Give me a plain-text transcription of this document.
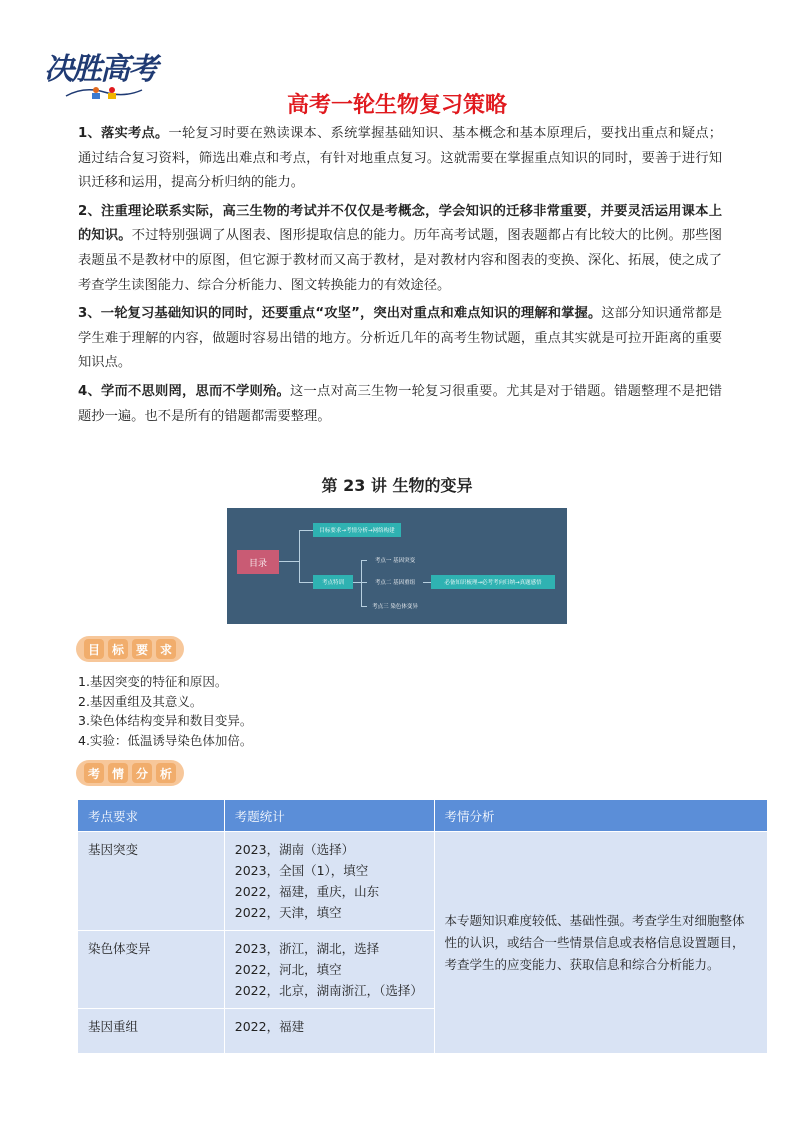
决胜高考
高考一轮生物复习策略

1、落实考点。一轮复习时要在熟读课本、系统掌握基础知识、基本概念和基本原理后，要找出重点和疑点；通过结合复习资料，筛选出难点和考点，有针对地重点复习。这就需要在掌握重点知识的同时，要善于进行知识迁移和运用，提高分析归纳的能力。

2、注重理论联系实际，高三生物的考试并不仅仅是考概念，学会知识的迁移非常重要，并要灵活运用课本上的知识。不过特别强调了从图表、图形提取信息的能力。历年高考试题，图表题都占有比较大的比例。那些图表题虽不是教材中的原图，但它源于教材而又高于教材，是对教材内容和图表的变换、深化、拓展，使之成了考查学生读图能力、综合分析能力、图文转换能力的有效途径。

3、一轮复习基础知识的同时，还要重点“攻坚”，突出对重点和难点知识的理解和掌握。这部分知识通常都是学生难于理解的内容，做题时容易出错的地方。分析近几年的高考生物试题，重点其实就是可拉开距离的重要知识点。

4、学而不思则罔，思而不学则殆。这一点对高三生物一轮复习很重要。尤其是对于错题。错题整理不是把错题抄一遍。也不是所有的错题都需要整理。

第 23 讲 生物的变异
目录
目标要求→考情分析→网络构建
考点特训
考点一 基因突变
考点二 基因重组
考点三 染色体变异
必备知识梳理→必考考向归纳→真题感悟
目 标 要 求
1.基因突变的特征和原因。
2.基因重组及其意义。
3.染色体结构变异和数目变异。
4.实验：低温诱导染色体加倍。
考 情 分 析
考点要求	考题统计	考情分析
基因突变	2023，湖南（选择）
2023，全国（1），填空
2022，福建，重庆，山东
2022，天津，填空	本专题知识难度较低、基础性强。考查学生对细胞整体性的认识，或结合一些情景信息或表格信息设置题目，考查学生的应变能力、获取信息和综合分析能力。
染色体变异	2023，浙江，湖北，选择
2022，河北，填空
2022，北京，湖南浙江，（选择）	

基因重组	2022，福建	
